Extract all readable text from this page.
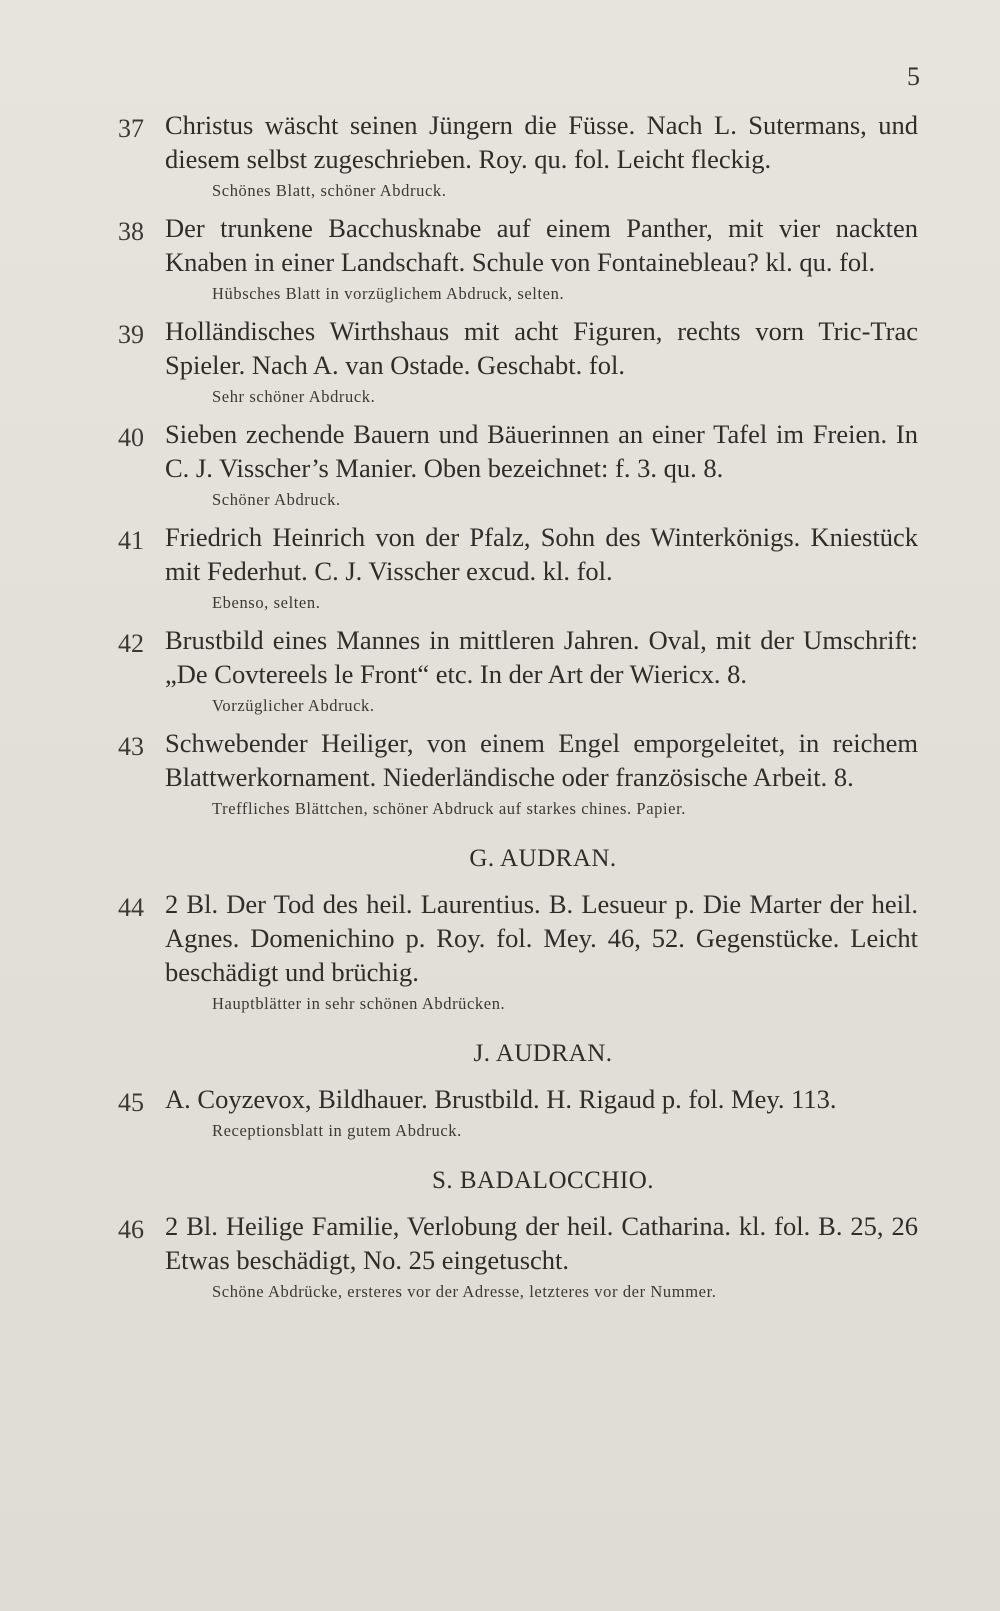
5
37 Christus wäscht seinen Jüngern die Füsse. Nach L. Sutermans, und diesem selbst zugeschrieben. Roy. qu. fol. Leicht fleckig.
Schönes Blatt, schöner Abdruck.
38 Der trunkene Bacchusknabe auf einem Panther, mit vier nackten Knaben in einer Landschaft. Schule von Fontainebleau? kl. qu. fol.
Hübsches Blatt in vorzüglichem Abdruck, selten.
39 Holländisches Wirthshaus mit acht Figuren, rechts vorn Tric-Trac Spieler. Nach A. van Ostade. Geschabt. fol.
Sehr schöner Abdruck.
40 Sieben zechende Bauern und Bäuerinnen an einer Tafel im Freien. In C. J. Visscher’s Manier. Oben bezeichnet: f. 3. qu. 8.
Schöner Abdruck.
41 Friedrich Heinrich von der Pfalz, Sohn des Winterkönigs. Kniestück mit Federhut. C. J. Visscher excud. kl. fol.
Ebenso, selten.
42 Brustbild eines Mannes in mittleren Jahren. Oval, mit der Umschrift: „De Covtereels le Front“ etc. In der Art der Wiericx. 8.
Vorzüglicher Abdruck.
43 Schwebender Heiliger, von einem Engel emporgeleitet, in reichem Blattwerkornament. Niederländische oder französische Arbeit. 8.
Treffliches Blättchen, schöner Abdruck auf starkes chines. Papier.
G. AUDRAN.
44 2 Bl. Der Tod des heil. Laurentius. B. Lesueur p. Die Marter der heil. Agnes. Domenichino p. Roy. fol. Mey. 46, 52. Gegenstücke. Leicht beschädigt und brüchig.
Hauptblätter in sehr schönen Abdrücken.
J. AUDRAN.
45 A. Coyzevox, Bildhauer. Brustbild. H. Rigaud p. fol. Mey. 113.
Receptionsblatt in gutem Abdruck.
S. BADALOCCHIO.
46 2 Bl. Heilige Familie, Verlobung der heil. Catharina. kl. fol. B. 25, 26 Etwas beschädigt, No. 25 eingetuscht.
Schöne Abdrücke, ersteres vor der Adresse, letzteres vor der Nummer.
